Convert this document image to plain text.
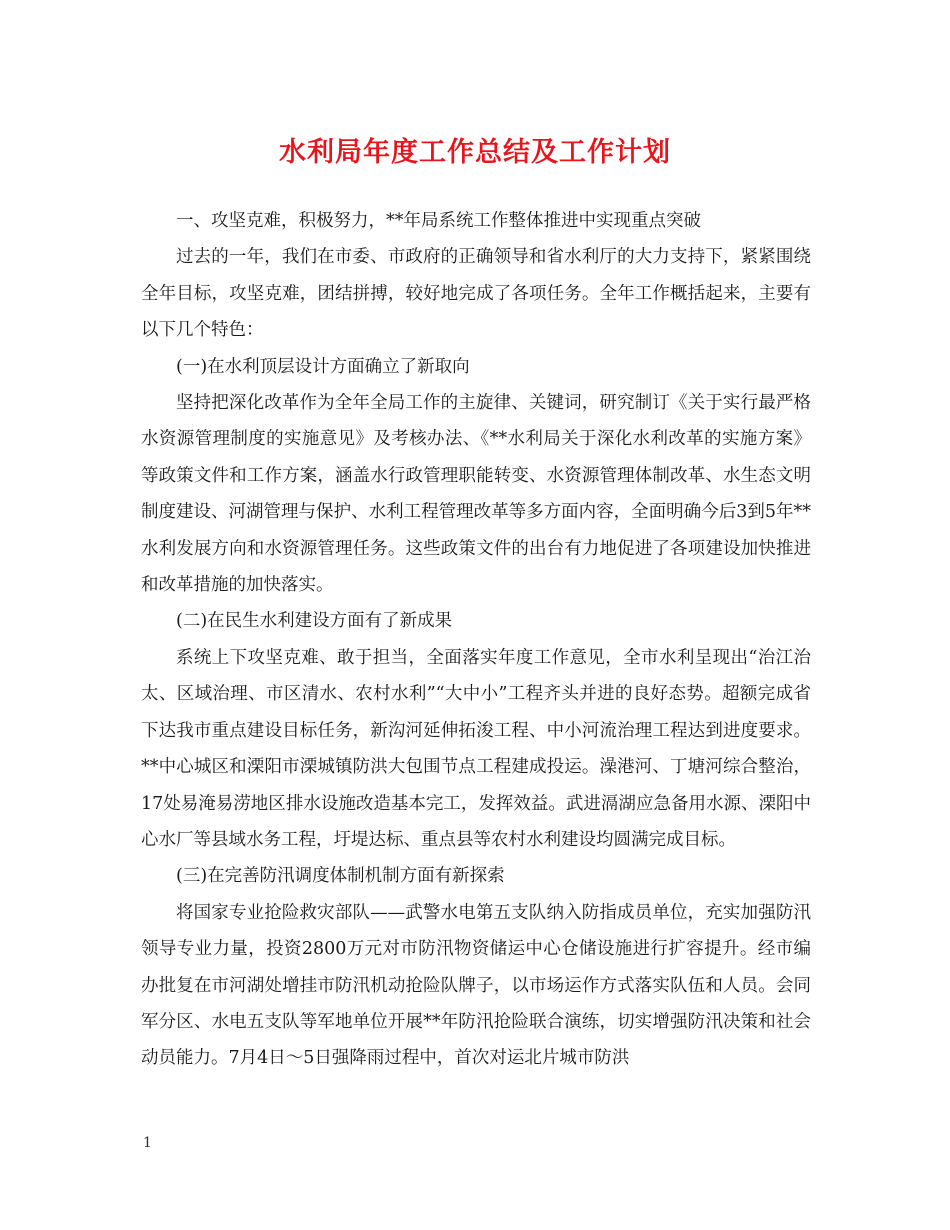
水利局年度工作总结及工作计划

一、攻坚克难，积极努力，**年局系统工作整体推进中实现重点突破

过去的一年，我们在市委、市政府的正确领导和省水利厅的大力支持下，紧紧围绕全年目标，攻坚克难，团结拼搏，较好地完成了各项任务。全年工作概括起来，主要有以下几个特色：

(一)在水利顶层设计方面确立了新取向

坚持把深化改革作为全年全局工作的主旋律、关键词，研究制订《关于实行最严格水资源管理制度的实施意见》及考核办法、《**水利局关于深化水利改革的实施方案》等政策文件和工作方案，涵盖水行政管理职能转变、水资源管理体制改革、水生态文明制度建设、河湖管理与保护、水利工程管理改革等多方面内容，全面明确今后3到5年**水利发展方向和水资源管理任务。这些政策文件的出台有力地促进了各项建设加快推进和改革措施的加快落实。

(二)在民生水利建设方面有了新成果

系统上下攻坚克难、敢于担当，全面落实年度工作意见，全市水利呈现出“治江治太、区域治理、市区清水、农村水利”“大中小”工程齐头并进的良好态势。超额完成省下达我市重点建设目标任务，新沟河延伸拓浚工程、中小河流治理工程达到进度要求。**中心城区和溧阳市溧城镇防洪大包围节点工程建成投运。澡港河、丁塘河综合整治，17处易淹易涝地区排水设施改造基本完工，发挥效益。武进滆湖应急备用水源、溧阳中心水厂等县域水务工程，圩堤达标、重点县等农村水利建设均圆满完成目标。

(三)在完善防汛调度体制机制方面有新探索

将国家专业抢险救灾部队——武警水电第五支队纳入防指成员单位，充实加强防汛领导专业力量，投资2800万元对市防汛物资储运中心仓储设施进行扩容提升。经市编办批复在市河湖处增挂市防汛机动抢险队牌子，以市场运作方式落实队伍和人员。会同军分区、水电五支队等军地单位开展**年防汛抢险联合演练，切实增强防汛决策和社会动员能力。7月4日～5日强降雨过程中，首次对运北片城市防洪

1
